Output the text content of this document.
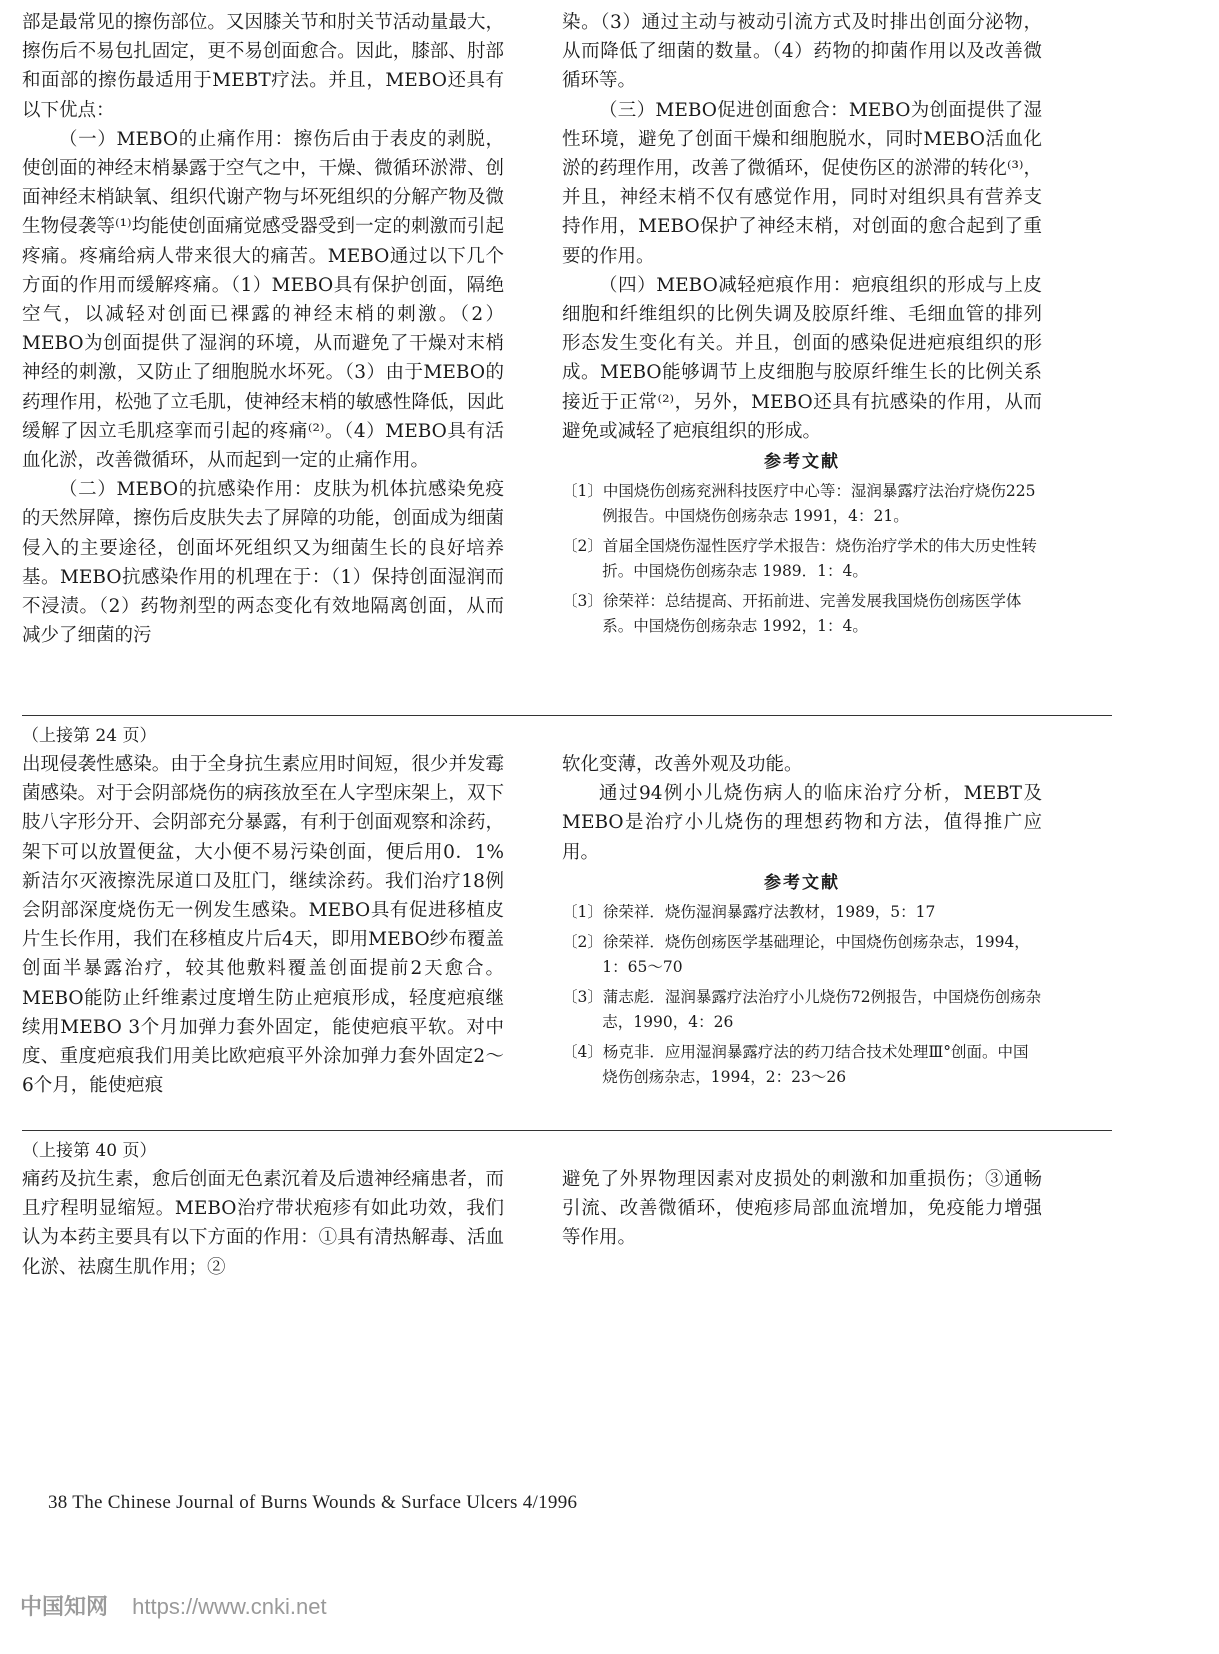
部是最常见的擦伤部位。又因膝关节和肘关节活动量最大，擦伤后不易包扎固定，更不易创面愈合。因此，膝部、肘部和面部的擦伤最适用于MEBT疗法。并且，MEBO还具有以下优点：

（一）MEBO的止痛作用：擦伤后由于表皮的剥脱，使创面的神经末梢暴露于空气之中，干燥、微循环淤滞、创面神经末梢缺氧、组织代谢产物与坏死组织的分解产物及微生物侵袭等⁽¹⁾均能使创面痛觉感受器受到一定的刺激而引起疼痛。疼痛给病人带来很大的痛苦。MEBO通过以下几个方面的作用而缓解疼痛。（1）MEBO具有保护创面，隔绝空气，以减轻对创面已裸露的神经末梢的刺激。（2）MEBO为创面提供了湿润的环境，从而避免了干燥对末梢神经的刺激，又防止了细胞脱水坏死。（3）由于MEBO的药理作用，松弛了立毛肌，使神经末梢的敏感性降低，因此缓解了因立毛肌痉挛而引起的疼痛⁽²⁾。（4）MEBO具有活血化淤，改善微循环，从而起到一定的止痛作用。

（二）MEBO的抗感染作用：皮肤为机体抗感染免疫的天然屏障，擦伤后皮肤失去了屏障的功能，创面成为细菌侵入的主要途径，创面坏死组织又为细菌生长的良好培养基。MEBO抗感染作用的机理在于：（1）保持创面湿润而不浸渍。（2）药物剂型的两态变化有效地隔离创面，从而减少了细菌的污

染。（3）通过主动与被动引流方式及时排出创面分泌物，从而降低了细菌的数量。（4）药物的抑菌作用以及改善微循环等。

（三）MEBO促进创面愈合：MEBO为创面提供了湿性环境，避免了创面干燥和细胞脱水，同时MEBO活血化淤的药理作用，改善了微循环，促使伤区的淤滞的转化⁽³⁾，并且，神经末梢不仅有感觉作用，同时对组织具有营养支持作用，MEBO保护了神经末梢，对创面的愈合起到了重要的作用。

（四）MEBO减轻疤痕作用：疤痕组织的形成与上皮细胞和纤维组织的比例失调及胶原纤维、毛细血管的排列形态发生变化有关。并且，创面的感染促进疤痕组织的形成。MEBO能够调节上皮细胞与胶原纤维生长的比例关系接近于正常⁽²⁾，另外，MEBO还具有抗感染的作用，从而避免或减轻了疤痕组织的形成。

参考文献

〔1〕中国烧伤创疡兖洲科技医疗中心等：湿润暴露疗法治疗烧伤225例报告。中国烧伤创疡杂志 1991，4：21。

〔2〕首届全国烧伤湿性医疗学术报告：烧伤治疗学术的伟大历史性转折。中国烧伤创疡杂志 1989．1：4。

〔3〕徐荣祥：总结提高、开拓前进、完善发展我国烧伤创疡医学体系。中国烧伤创疡杂志 1992，1：4。

（上接第 24 页）

出现侵袭性感染。由于全身抗生素应用时间短，很少并发霉菌感染。对于会阴部烧伤的病孩放至在人字型床架上，双下肢八字形分开、会阴部充分暴露，有利于创面观察和涂药，架下可以放置便盆，大小便不易污染创面，便后用0．1%新洁尔灭液擦洗尿道口及肛门，继续涂药。我们治疗18例会阴部深度烧伤无一例发生感染。MEBO具有促进移植皮片生长作用，我们在移植皮片后4天，即用MEBO纱布覆盖创面半暴露治疗，较其他敷料覆盖创面提前2天愈合。MEBO能防止纤维素过度增生防止疤痕形成，轻度疤痕继续用MEBO 3个月加弹力套外固定，能使疤痕平软。对中度、重度疤痕我们用美比欧疤痕平外涂加弹力套外固定2～6个月，能使疤痕

软化变薄，改善外观及功能。

通过94例小儿烧伤病人的临床治疗分析，MEBT及MEBO是治疗小儿烧伤的理想药物和方法，值得推广应用。

参考文献

〔1〕徐荣祥．烧伤湿润暴露疗法教材，1989，5：17

〔2〕徐荣祥．烧伤创疡医学基础理论，中国烧伤创疡杂志，1994，1：65～70

〔3〕蒲志彪．湿润暴露疗法治疗小儿烧伤72例报告，中国烧伤创疡杂志，1990，4：26

〔4〕杨克非．应用湿润暴露疗法的药刀结合技术处理Ⅲ°创面。中国烧伤创疡杂志，1994，2：23～26

（上接第 40 页）

痛药及抗生素，愈后创面无色素沉着及后遗神经痛患者，而且疗程明显缩短。MEBO治疗带状疱疹有如此功效，我们认为本药主要具有以下方面的作用：①具有清热解毒、活血化淤、祛腐生肌作用；②

避免了外界物理因素对皮损处的刺激和加重损伤；③通畅引流、改善微循环，使疱疹局部血流增加，免疫能力增强等作用。

38 The Chinese Journal of Burns Wounds & Surface Ulcers 4/1996
中国知网 https://www.cnki.net
